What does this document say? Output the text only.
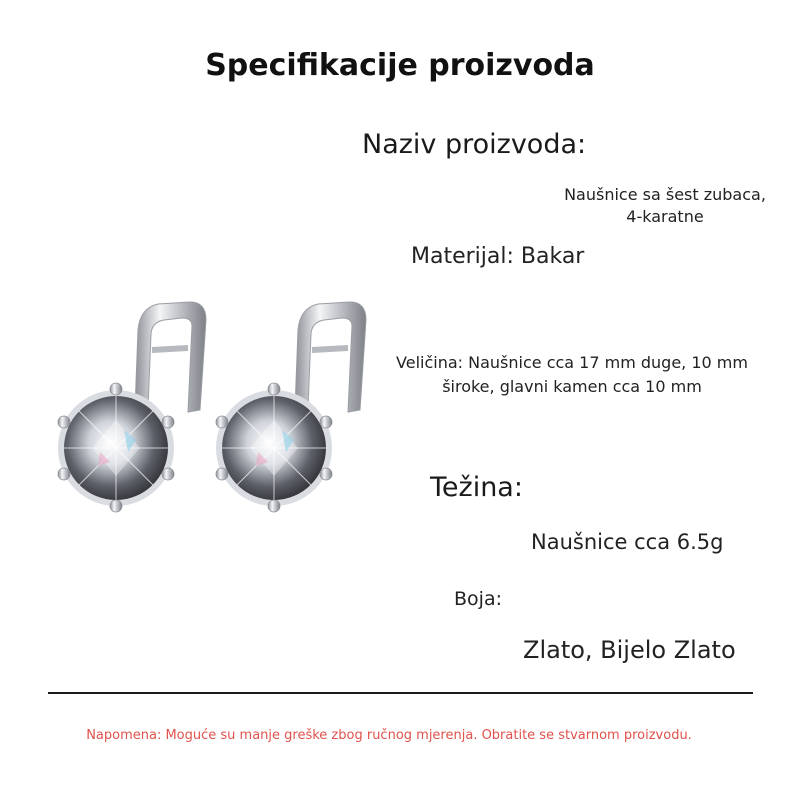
Specifikacije proizvoda

Naziv proizvoda:

Naušnice sa šest zubaca, 4-karatne

Materijal: Bakar

Veličina: Naušnice cca 17 mm duge, 10 mm široke, glavni kamen cca 10 mm

Težina:

Naušnice cca 6.5g

Boja:

Zlato, Bijelo Zlato

Napomena: Moguće su manje greške zbog ručnog mjerenja. Obratite se stvarnom proizvodu.
